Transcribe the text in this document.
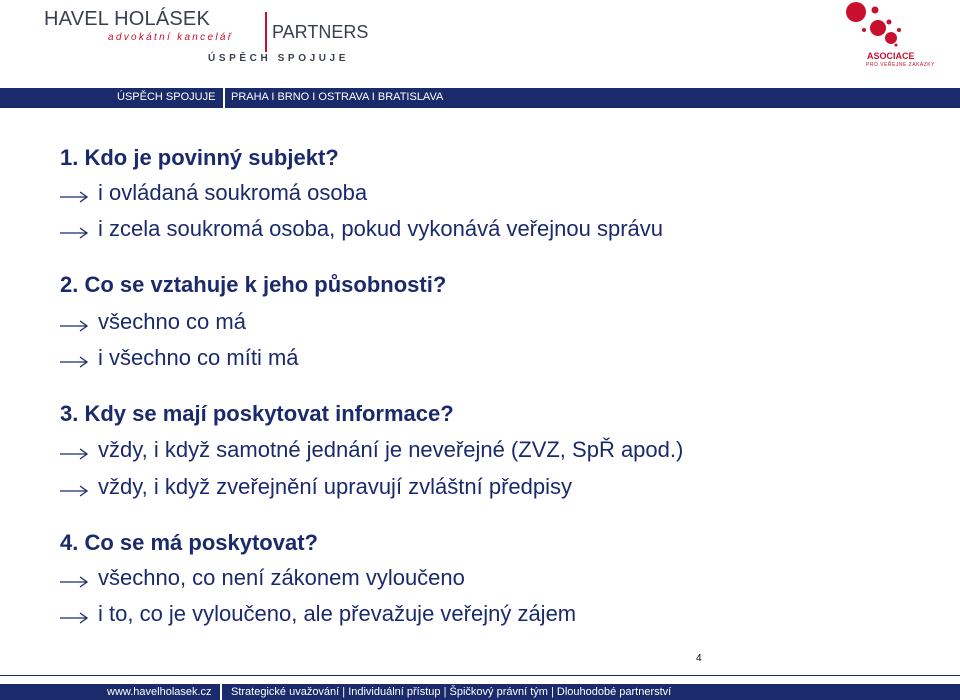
HAVEL HOLÁSEK
PARTNERS
advokátní kancelář
ÚSPĚCH SPOJUJE	ASOCIACE
PRO VEŘEJNÉ ZAKÁZKY
ÚSPĚCH SPOJUJE PRAHA I BRNO I OSTRAVA I BRATISLAVA
1. Kdo je povinný subjekt?
i ovládaná soukromá osoba
i zcela soukromá osoba, pokud vykonává veřejnou správu
2. Co se vztahuje k jeho působnosti?
všechno co má
i všechno co míti má
3. Kdy se mají poskytovat informace?
vždy, i když samotné jednání je neveřejné (ZVZ, SpŘ apod.)
vždy, i když zveřejnění upravují zvláštní předpisy
4. Co se má poskytovat?
všechno, co není zákonem vyloučeno
i to, co je vyloučeno, ale převažuje veřejný zájem
4
www.havelholasek.cz Strategické uvažování | Individuální přístup | Špičkový právní tým | Dlouhodobé partnerství
